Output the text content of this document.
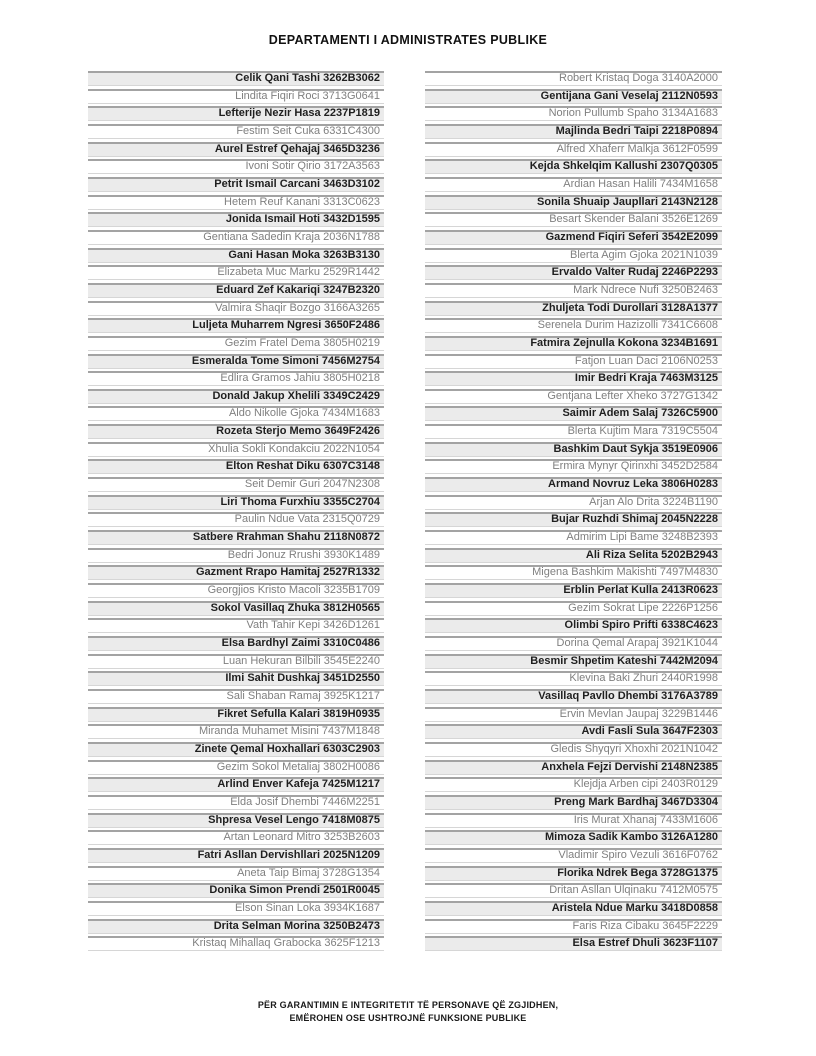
DEPARTAMENTI I ADMINISTRATES PUBLIKE
Celik Qani Tashi 3262B3062
Lindita Fiqiri Roci 3713G0641
Lefterije Nezir Hasa 2237P1819
Festim Seit Cuka 6331C4300
Aurel Estref Qehajaj 3465D3236
Ivoni Sotir Qirio 3172A3563
Petrit Ismail Carcani 3463D3102
Hetem Reuf Kanani 3313C0623
Jonida Ismail Hoti 3432D1595
Gentiana Sadedin Kraja 2036N1788
Gani Hasan Moka 3263B3130
Elizabeta Muc Marku 2529R1442
Eduard Zef Kakariqi 3247B2320
Valmira Shaqir Bozgo 3166A3265
Luljeta Muharrem Ngresi 3650F2486
Gezim Fratel Dema 3805H0219
Esmeralda Tome Simoni 7456M2754
Edlira Gramos Jahiu 3805H0218
Donald Jakup Xhelili 3349C2429
Aldo Nikolle Gjoka 7434M1683
Rozeta Sterjo Memo 3649F2426
Xhulia Sokli Kondakciu 2022N1054
Elton Reshat Diku 6307C3148
Seit Demir Guri 2047N2308
Liri Thoma Furxhiu 3355C2704
Paulin Ndue Vata 2315Q0729
Satbere Rrahman Shahu 2118N0872
Bedri Jonuz Rrushi 3930K1489
Gazment Rrapo Hamitaj 2527R1332
Georgjios Kristo Macoli 3235B1709
Sokol Vasillaq Zhuka 3812H0565
Vath Tahir Kepi 3426D1261
Elsa Bardhyl Zaimi 3310C0486
Luan Hekuran Bilbili 3545E2240
Ilmi Sahit Dushkaj 3451D2550
Sali Shaban Ramaj 3925K1217
Fikret Sefulla Kalari 3819H0935
Miranda Muhamet Misini 7437M1848
Zinete Qemal Hoxhallari 6303C2903
Gezim Sokol Metaliaj 3802H0086
Arlind Enver Kafeja 7425M1217
Elda Josif Dhembi 7446M2251
Shpresa Vesel Lengo 7418M0875
Artan Leonard Mitro 3253B2603
Fatri Asllan Dervishllari 2025N1209
Aneta Taip Bimaj 3728G1354
Donika Simon Prendi 2501R0045
Elson Sinan Loka 3934K1687
Drita Selman Morina 3250B2473
Kristaq Mihallaq Grabocka 3625F1213
Robert Kristaq Doga 3140A2000
Gentijana Gani Veselaj 2112N0593
Norion Pullumb Spaho 3134A1683
Majlinda Bedri Taipi 2218P0894
Alfred Xhaferr Malkja 3612F0599
Kejda Shkelqim Kallushi 2307Q0305
Ardian Hasan Halili 7434M1658
Sonila Shuaip Jaupllari 2143N2128
Besart Skender Balani 3526E1269
Gazmend Fiqiri Seferi 3542E2099
Blerta Agim Gjoka 2021N1039
Ervaldo Valter Rudaj 2246P2293
Mark Ndrece Nufi 3250B2463
Zhuljeta Todi Durollari 3128A1377
Serenela Durim Hazizolli 7341C6608
Fatmira Zejnulla Kokona 3234B1691
Fatjon Luan Daci 2106N0253
Imir Bedri Kraja 7463M3125
Gentjana Lefter Xheko 3727G1342
Saimir Adem Salaj 7326C5900
Blerta Kujtim Mara 7319C5504
Bashkim Daut Sykja 3519E0906
Ermira Mynyr Qirinxhi 3452D2584
Armand Novruz Leka 3806H0283
Arjan Alo Drita 3224B1190
Bujar Ruzhdi Shimaj 2045N2228
Admirim Lipi Bame 3248B2393
Ali Riza Selita 5202B2943
Migena Bashkim Makishti 7497M4830
Erblin Perlat Kulla 2413R0623
Gezim Sokrat Lipe 2226P1256
Olimbi Spiro Prifti 6338C4623
Dorina Qemal Arapaj 3921K1044
Besmir Shpetim Kateshi 7442M2094
Klevina Baki Zhuri 2440R1998
Vasillaq Pavllo Dhembi 3176A3789
Ervin Mevlan Jaupaj 3229B1446
Avdi Fasli Sula 3647F2303
Gledis Shyqyri Xhoxhi 2021N1042
Anxhela Fejzi Dervishi 2148N2385
Klejdja Arben cipi 2403R0129
Preng Mark Bardhaj 3467D3304
Iris Murat Xhanaj 7433M1606
Mimoza Sadik Kambo 3126A1280
Vladimir Spiro Vezuli 3616F0762
Florika Ndrek Bega 3728G1375
Dritan Asllan Ulqinaku 7412M0575
Aristela Ndue Marku 3418D0858
Faris Riza Cibaku 3645F2229
Elsa Estref Dhuli 3623F1107
PËR GARANTIMIN E INTEGRITETIT TË PERSONAVE QË ZGJIDHEN,
EMËROHEN OSE USHTROJNË FUNKSIONE PUBLIKE
